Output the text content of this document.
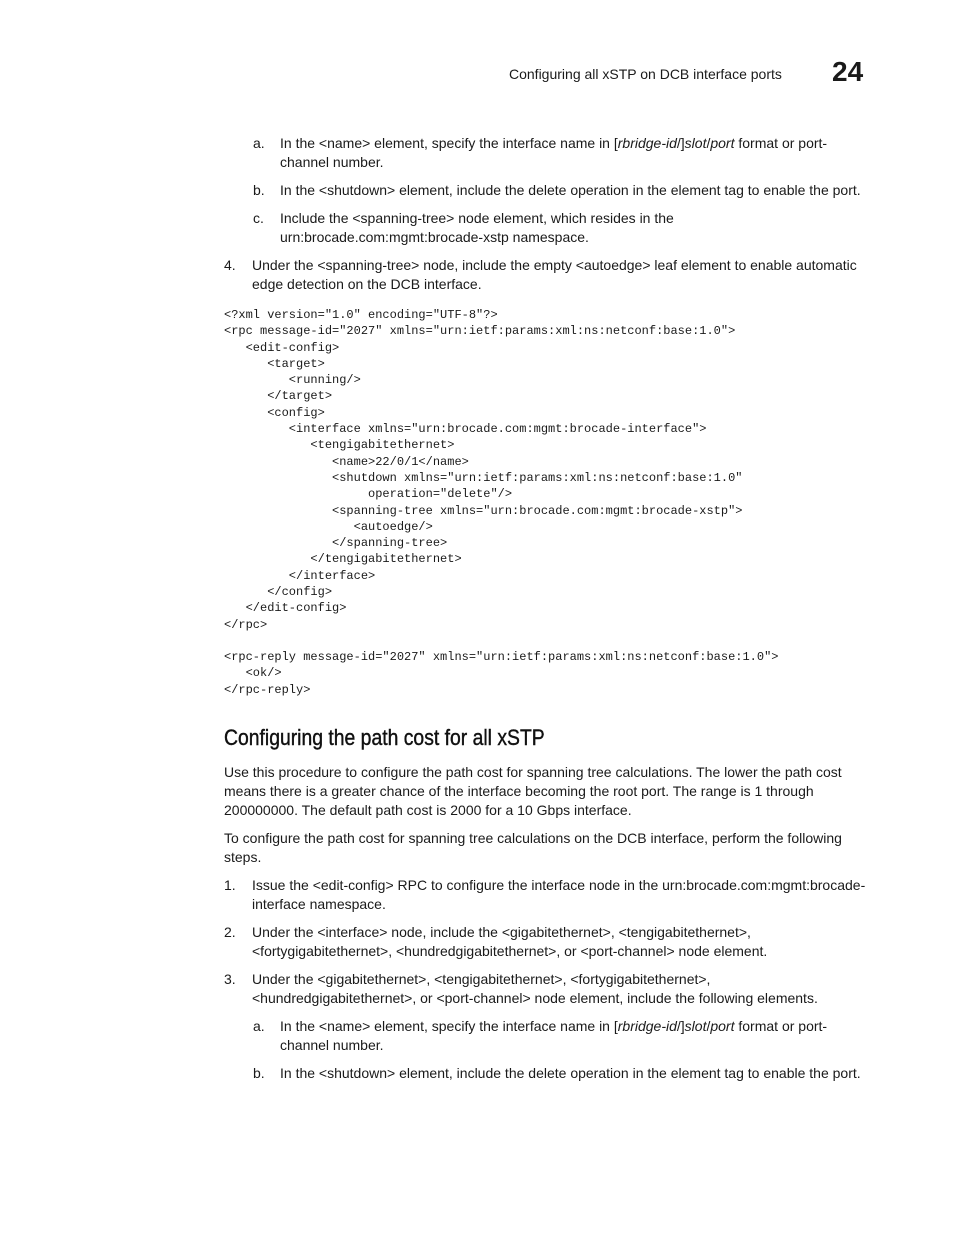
Configuring all xSTP on DCB interface ports 24
a. In the <name> element, specify the interface name in [rbridge-id/]slot/port format or port-channel number.
b. In the <shutdown> element, include the delete operation in the element tag to enable the port.
c. Include the <spanning-tree> node element, which resides in the urn:brocade.com:mgmt:brocade-xstp namespace.
4. Under the <spanning-tree> node, include the empty <autoedge> leaf element to enable automatic edge detection on the DCB interface.
<?xml version="1.0" encoding="UTF-8"?>
<rpc message-id="2027" xmlns="urn:ietf:params:xml:ns:netconf:base:1.0">
<edit-config>
<target>
<running/>
</target>
<config>
<interface xmlns="urn:brocade.com:mgmt:brocade-interface">
<tengigabitethernet>
<name>22/0/1</name>
<shutdown xmlns="urn:ietf:params:xml:ns:netconf:base:1.0"
operation="delete"/>
<spanning-tree xmlns="urn:brocade.com:mgmt:brocade-xstp">
<autoedge/>
</spanning-tree>
</tengigabitethernet>
</interface>
</config>
</edit-config>
</rpc>
<rpc-reply message-id="2027" xmlns="urn:ietf:params:xml:ns:netconf:base:1.0">
<ok/>
</rpc-reply>
Configuring the path cost for all xSTP

Use this procedure to configure the path cost for spanning tree calculations. The lower the path cost means there is a greater chance of the interface becoming the root port. The range is 1 through 200000000. The default path cost is 2000 for a 10 Gbps interface.

To configure the path cost for spanning tree calculations on the DCB interface, perform the following steps.

1. Issue the <edit-config> RPC to configure the interface node in the urn:brocade.com:mgmt:brocade-interface namespace.
2. Under the <interface> node, include the <gigabitethernet>, <tengigabitethernet>, <fortygigabitethernet>, <hundredgigabitethernet>, or <port-channel> node element.
3. Under the <gigabitethernet>, <tengigabitethernet>, <fortygigabitethernet>, <hundredgigabitethernet>, or <port-channel> node element, include the following elements.
a. In the <name> element, specify the interface name in [rbridge-id/]slot/port format or port-channel number.
b. In the <shutdown> element, include the delete operation in the element tag to enable the port.
